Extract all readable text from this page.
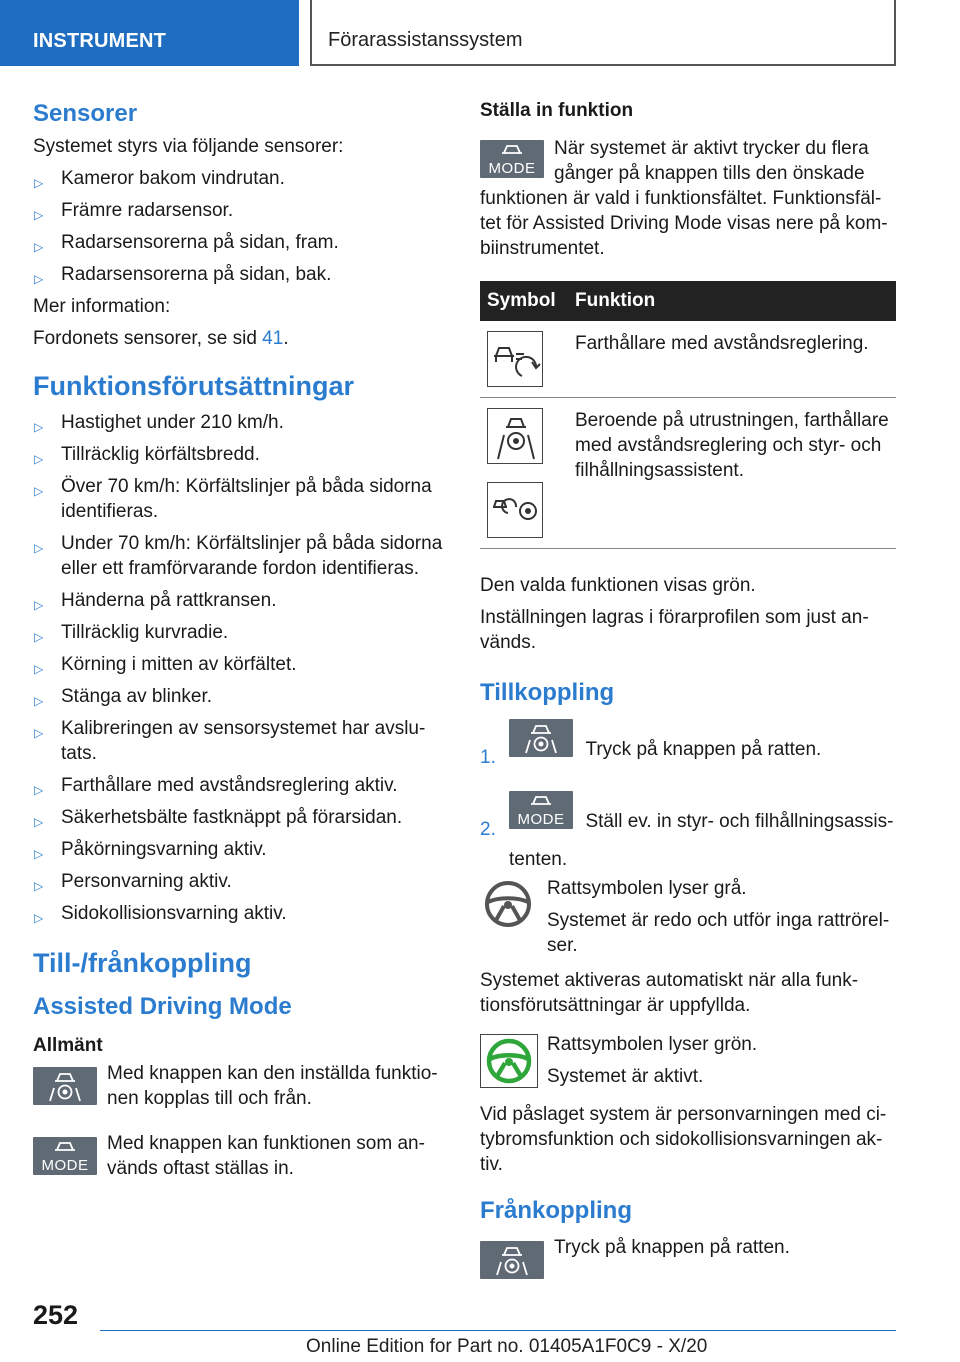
INSTRUMENT	Förarassistanssystem
Sensorer

Systemet styrs via följande sensorer:

▷ Kameror bakom vindrutan.
▷ Främre radarsensor.
▷ Radarsensorerna på sidan, fram.
▷ Radarsensorerna på sidan, bak.

Mer information:

Fordonets sensorer, se sid 41.

Funktionsförutsättningar
▷ Hastighet under 210 km/h.
▷ Tillräcklig körfältsbredd.
▷ Över 70 km/h: Körfältslinjer på båda sidorna identifieras.
▷ Under 70 km/h: Körfältslinjer på båda sidorna eller ett framförvarande fordon identifieras.
▷ Händerna på rattkransen.
▷ Tillräcklig kurvradie.
▷ Körning i mitten av körfältet.
▷ Stänga av blinker.
▷ Kalibreringen av sensorsystemet har avslutats.
▷ Farthållare med avståndsreglering aktiv.
▷ Säkerhetsbälte fastknäppt på förarsidan.
▷ Påkörningsvarning aktiv.
▷ Personvarning aktiv.
▷ Sidokollisionsvarning aktiv.
Till-/frånkoppling
Assisted Driving Mode
Allmänt

Med knappen kan den inställda funktionen kopplas till och från.

MODE

Med knappen kan funktionen som används oftast ställas in.

Ställa in funktion
MODE

När systemet är aktivt trycker du flera gånger på knappen tills den önskade funktionen är vald i funktionsfältet. Funktionsfältet för Assisted Driving Mode visas nere på kombiinstrumentet.

Symbol	Funktion

	Farthållare med avståndsreglering.

	Beroende på utrustningen, farthållare med avståndsreglering och styr- och filhållningsassistent.

Den valda funktionen visas grön.

Inställningen lagras i förarprofilen som just används.

Tillkoppling
1.	Tryck på knappen på ratten.
2.	MODE	Ställ ev. in styr- och filhållningsassistenten.

Rattsymbolen lyser grå.

Systemet är redo och utför inga rattrörelser.

Systemet aktiveras automatiskt när alla funktionsförutsättningar är uppfyllda.

Rattsymbolen lyser grön.

Systemet är aktivt.

Vid påslaget system är personvarningen med citybromsfunktion och sidokollisionsvarningen aktiv.

Frånkoppling

Tryck på knappen på ratten.

252
Online Edition for Part no. 01405A1F0C9 - X/20
